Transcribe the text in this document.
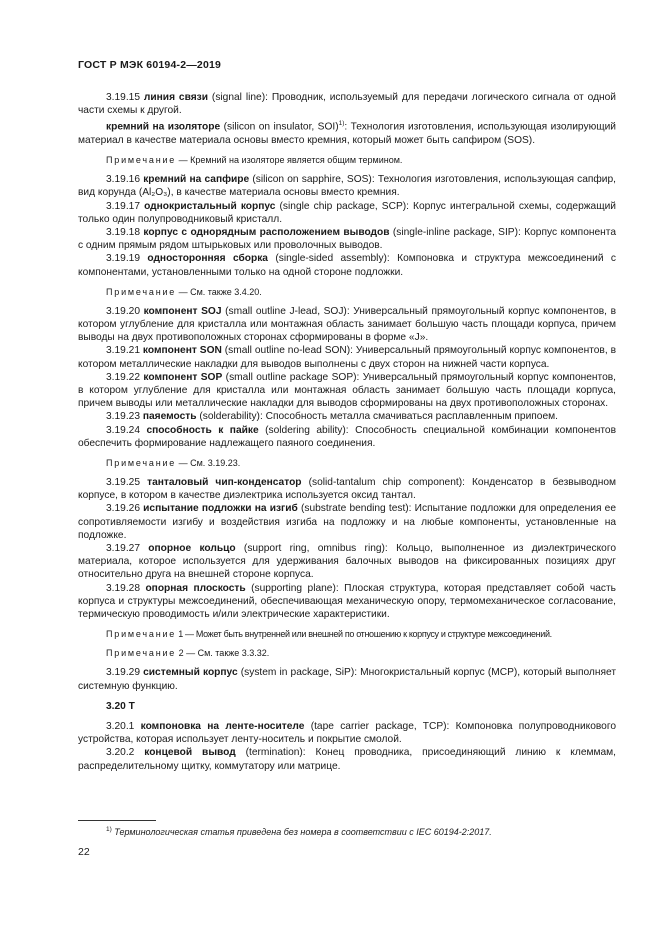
ГОСТ Р МЭК 60194-2—2019

3.19.15 линия связи (signal line): Проводник, используемый для передачи логического сигнала от одной части схемы к другой.

кремний на изоляторе (silicon on insulator, SOI)$^{1)}$: Технология изготовления, использующая изолирующий материал в качестве материала основы вместо кремния, который может быть сапфиром (SOS).

Примечание — Кремний на изоляторе является общим термином.

3.19.16 кремний на сапфире (silicon on sapphire, SOS): Технология изготовления, использующая сапфир, вид корунда (Al₂O₃), в качестве материала основы вместо кремния.

3.19.17 однокристальный корпус (single chip package, SCP): Корпус интегральной схемы, содержащий только один полупроводниковый кристалл.

3.19.18 корпус с однорядным расположением выводов (single-inline package, SIP): Корпус компонента с одним прямым рядом штырьковых или проволочных выводов.

3.19.19 односторонняя сборка (single-sided assembly): Компоновка и структура межсоединений с компонентами, установленными только на одной стороне подложки.

Примечание — См. также 3.4.20.

3.19.20 компонент SOJ (small outline J-lead, SOJ): Универсальный прямоугольный корпус компонентов, в котором углубление для кристалла или монтажная область занимает большую часть площади корпуса, причем выводы на двух противоположных сторонах сформированы в форме «J».

3.19.21 компонент SON (small outline no-lead SON): Универсальный прямоугольный корпус компонентов, в котором металлические накладки для выводов выполнены с двух сторон на нижней части корпуса.

3.19.22 компонент SOP (small outline package SOP): Универсальный прямоугольный корпус компонентов, в котором углубление для кристалла или монтажная область занимает большую часть площади корпуса, причем выводы или металлические накладки для выводов сформированы на двух противоположных сторонах.

3.19.23 паяемость (solderability): Способность металла смачиваться расплавленным припоем.

3.19.24 способность к пайке (soldering ability): Способность специальной комбинации компонентов обеспечить формирование надлежащего паяного соединения.

Примечание — См. 3.19.23.

3.19.25 танталовый чип-конденсатор (solid-tantalum chip component): Конденсатор в безвыводном корпусе, в котором в качестве диэлектрика используется оксид тантал.

3.19.26 испытание подложки на изгиб (substrate bending test): Испытание подложки для определения ее сопротивляемости изгибу и воздействия изгиба на подложку и на любые компоненты, установленные на подложке.

3.19.27 опорное кольцо (support ring, omnibus ring): Кольцо, выполненное из диэлектрического материала, которое используется для удерживания балочных выводов на фиксированных позициях друг относительно друга на внешней стороне корпуса.

3.19.28 опорная плоскость (supporting plane): Плоская структура, которая представляет собой часть корпуса и структуры межсоединений, обеспечивающая механическую опору, термомеханическое согласование, термическую проводимость и/или электрические характеристики.

Примечание 1 — Может быть внутренней или внешней по отношению к корпусу и структуре межсоединений.

Примечание 2 — См. также 3.3.32.

3.19.29 системный корпус (system in package, SiP): Многокристальный корпус (МСР), который выполняет системную функцию.

3.20 T

3.20.1 компоновка на ленте-носителе (tape carrier package, TCP): Компоновка полупроводникового устройства, которая использует ленту-носитель и покрытие смолой.

3.20.2 концевой вывод (termination): Конец проводника, присоединяющий линию к клеммам, распределительному щитку, коммутатору или матрице.

$^{1)}$ Терминологическая статья приведена без номера в соответствии с IEC 60194-2:2017.
22
